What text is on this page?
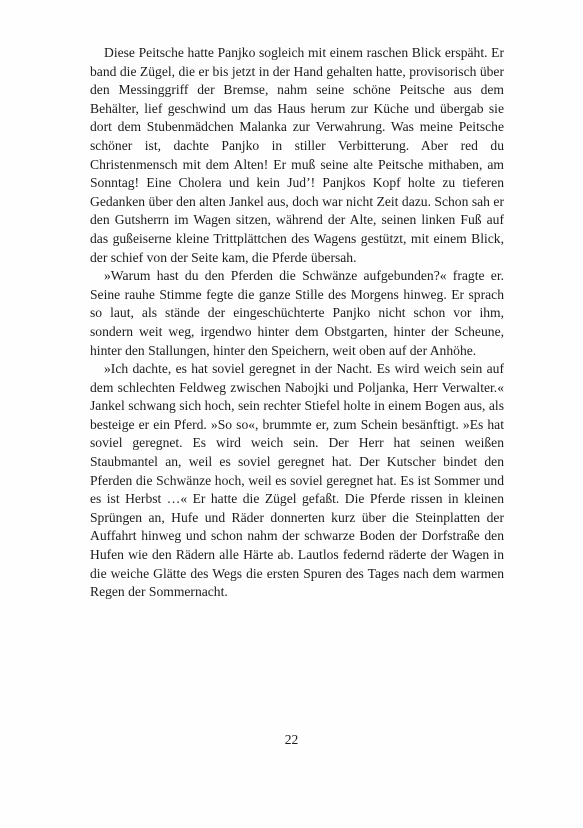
Diese Peitsche hatte Panjko sogleich mit einem raschen Blick erspäht. Er band die Zügel, die er bis jetzt in der Hand gehalten hatte, provisorisch über den Messinggriff der Bremse, nahm seine schöne Peitsche aus dem Behälter, lief geschwind um das Haus herum zur Küche und übergab sie dort dem Stubenmädchen Malanka zur Verwahrung. Was meine Peitsche schöner ist, dachte Panjko in stiller Verbitterung. Aber red du Christenmensch mit dem Alten! Er muß seine alte Peitsche mithaben, am Sonntag! Eine Cholera und kein Jud’! Panjkos Kopf holte zu tieferen Gedanken über den alten Jankel aus, doch war nicht Zeit dazu. Schon sah er den Gutsherrn im Wagen sitzen, während der Alte, seinen linken Fuß auf das gußeiserne kleine Trittplättchen des Wagens gestützt, mit einem Blick, der schief von der Seite kam, die Pferde übersah.

»Warum hast du den Pferden die Schwänze aufgebunden?« fragte er. Seine rauhe Stimme fegte die ganze Stille des Morgens hinweg. Er sprach so laut, als stände der eingeschüchterte Panjko nicht schon vor ihm, sondern weit weg, irgendwo hinter dem Obstgarten, hinter der Scheune, hinter den Stallungen, hinter den Speichern, weit oben auf der Anhöhe.

»Ich dachte, es hat soviel geregnet in der Nacht. Es wird weich sein auf dem schlechten Feldweg zwischen Nabojki und Poljanka, Herr Verwalter.« Jankel schwang sich hoch, sein rechter Stiefel holte in einem Bogen aus, als besteige er ein Pferd. »So so«, brummte er, zum Schein besänftigt. »Es hat soviel geregnet. Es wird weich sein. Der Herr hat seinen weißen Staubmantel an, weil es soviel geregnet hat. Der Kutscher bindet den Pferden die Schwänze hoch, weil es soviel geregnet hat. Es ist Sommer und es ist Herbst …« Er hatte die Zügel gefaßt. Die Pferde rissen in kleinen Sprüngen an, Hufe und Räder donnerten kurz über die Steinplatten der Auffahrt hinweg und schon nahm der schwarze Boden der Dorfstraße den Hufen wie den Rädern alle Härte ab. Lautlos federnd räderte der Wagen in die weiche Glätte des Wegs die ersten Spuren des Tages nach dem warmen Regen der Sommernacht.

22
